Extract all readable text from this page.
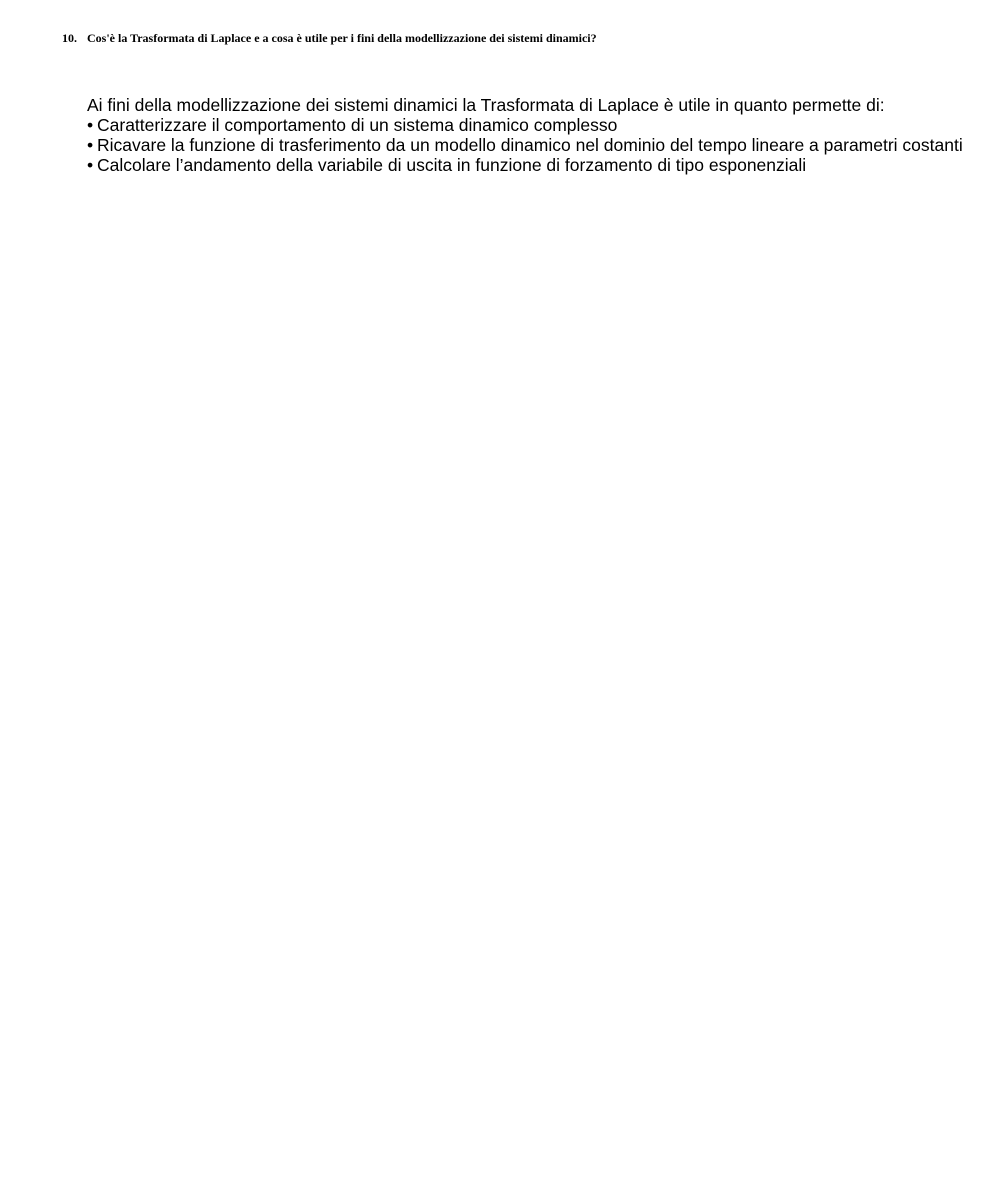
10. Cos'è la Trasformata di Laplace e a cosa è utile per i fini della modellizzazione dei sistemi dinamici?

Ai fini della modellizzazione dei sistemi dinamici la Trasformata di Laplace è utile in quanto permette di:

• Caratterizzare il comportamento di un sistema dinamico complesso

• Ricavare la funzione di trasferimento da un modello dinamico nel dominio del tempo lineare a parametri costanti

• Calcolare l’andamento della variabile di uscita in funzione di forzamento di tipo esponenziali
